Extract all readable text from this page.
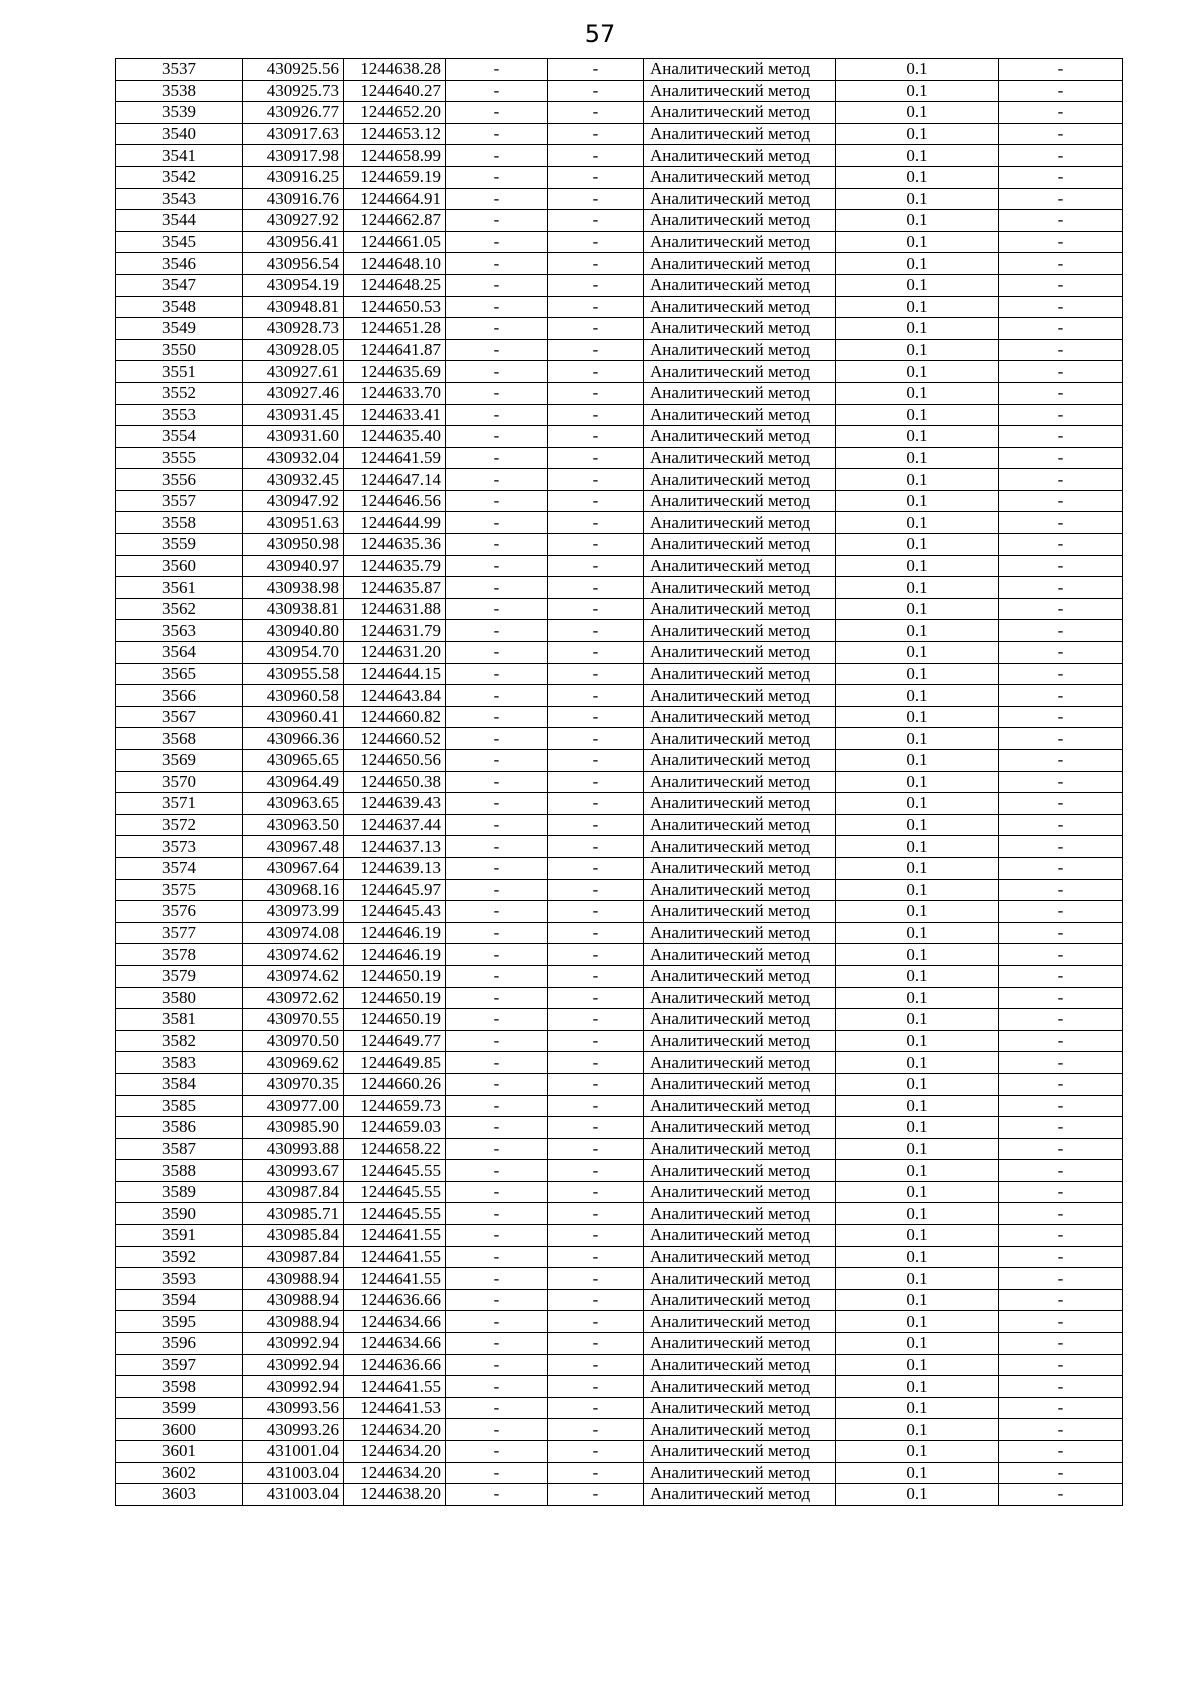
57
3537	430925.56	1244638.28	-	-	Аналитический метод	0.1	-
3538	430925.73	1244640.27	-	-	Аналитический метод	0.1	-
3539	430926.77	1244652.20	-	-	Аналитический метод	0.1	-
3540	430917.63	1244653.12	-	-	Аналитический метод	0.1	-
3541	430917.98	1244658.99	-	-	Аналитический метод	0.1	-
3542	430916.25	1244659.19	-	-	Аналитический метод	0.1	-
3543	430916.76	1244664.91	-	-	Аналитический метод	0.1	-
3544	430927.92	1244662.87	-	-	Аналитический метод	0.1	-
3545	430956.41	1244661.05	-	-	Аналитический метод	0.1	-
3546	430956.54	1244648.10	-	-	Аналитический метод	0.1	-
3547	430954.19	1244648.25	-	-	Аналитический метод	0.1	-
3548	430948.81	1244650.53	-	-	Аналитический метод	0.1	-
3549	430928.73	1244651.28	-	-	Аналитический метод	0.1	-
3550	430928.05	1244641.87	-	-	Аналитический метод	0.1	-
3551	430927.61	1244635.69	-	-	Аналитический метод	0.1	-
3552	430927.46	1244633.70	-	-	Аналитический метод	0.1	-
3553	430931.45	1244633.41	-	-	Аналитический метод	0.1	-
3554	430931.60	1244635.40	-	-	Аналитический метод	0.1	-
3555	430932.04	1244641.59	-	-	Аналитический метод	0.1	-
3556	430932.45	1244647.14	-	-	Аналитический метод	0.1	-
3557	430947.92	1244646.56	-	-	Аналитический метод	0.1	-
3558	430951.63	1244644.99	-	-	Аналитический метод	0.1	-
3559	430950.98	1244635.36	-	-	Аналитический метод	0.1	-
3560	430940.97	1244635.79	-	-	Аналитический метод	0.1	-
3561	430938.98	1244635.87	-	-	Аналитический метод	0.1	-
3562	430938.81	1244631.88	-	-	Аналитический метод	0.1	-
3563	430940.80	1244631.79	-	-	Аналитический метод	0.1	-
3564	430954.70	1244631.20	-	-	Аналитический метод	0.1	-
3565	430955.58	1244644.15	-	-	Аналитический метод	0.1	-
3566	430960.58	1244643.84	-	-	Аналитический метод	0.1	-
3567	430960.41	1244660.82	-	-	Аналитический метод	0.1	-
3568	430966.36	1244660.52	-	-	Аналитический метод	0.1	-
3569	430965.65	1244650.56	-	-	Аналитический метод	0.1	-
3570	430964.49	1244650.38	-	-	Аналитический метод	0.1	-
3571	430963.65	1244639.43	-	-	Аналитический метод	0.1	-
3572	430963.50	1244637.44	-	-	Аналитический метод	0.1	-
3573	430967.48	1244637.13	-	-	Аналитический метод	0.1	-
3574	430967.64	1244639.13	-	-	Аналитический метод	0.1	-
3575	430968.16	1244645.97	-	-	Аналитический метод	0.1	-
3576	430973.99	1244645.43	-	-	Аналитический метод	0.1	-
3577	430974.08	1244646.19	-	-	Аналитический метод	0.1	-
3578	430974.62	1244646.19	-	-	Аналитический метод	0.1	-
3579	430974.62	1244650.19	-	-	Аналитический метод	0.1	-
3580	430972.62	1244650.19	-	-	Аналитический метод	0.1	-
3581	430970.55	1244650.19	-	-	Аналитический метод	0.1	-
3582	430970.50	1244649.77	-	-	Аналитический метод	0.1	-
3583	430969.62	1244649.85	-	-	Аналитический метод	0.1	-
3584	430970.35	1244660.26	-	-	Аналитический метод	0.1	-
3585	430977.00	1244659.73	-	-	Аналитический метод	0.1	-
3586	430985.90	1244659.03	-	-	Аналитический метод	0.1	-
3587	430993.88	1244658.22	-	-	Аналитический метод	0.1	-
3588	430993.67	1244645.55	-	-	Аналитический метод	0.1	-
3589	430987.84	1244645.55	-	-	Аналитический метод	0.1	-
3590	430985.71	1244645.55	-	-	Аналитический метод	0.1	-
3591	430985.84	1244641.55	-	-	Аналитический метод	0.1	-
3592	430987.84	1244641.55	-	-	Аналитический метод	0.1	-
3593	430988.94	1244641.55	-	-	Аналитический метод	0.1	-
3594	430988.94	1244636.66	-	-	Аналитический метод	0.1	-
3595	430988.94	1244634.66	-	-	Аналитический метод	0.1	-
3596	430992.94	1244634.66	-	-	Аналитический метод	0.1	-
3597	430992.94	1244636.66	-	-	Аналитический метод	0.1	-
3598	430992.94	1244641.55	-	-	Аналитический метод	0.1	-
3599	430993.56	1244641.53	-	-	Аналитический метод	0.1	-
3600	430993.26	1244634.20	-	-	Аналитический метод	0.1	-
3601	431001.04	1244634.20	-	-	Аналитический метод	0.1	-
3602	431003.04	1244634.20	-	-	Аналитический метод	0.1	-
3603	431003.04	1244638.20	-	-	Аналитический метод	0.1	-
